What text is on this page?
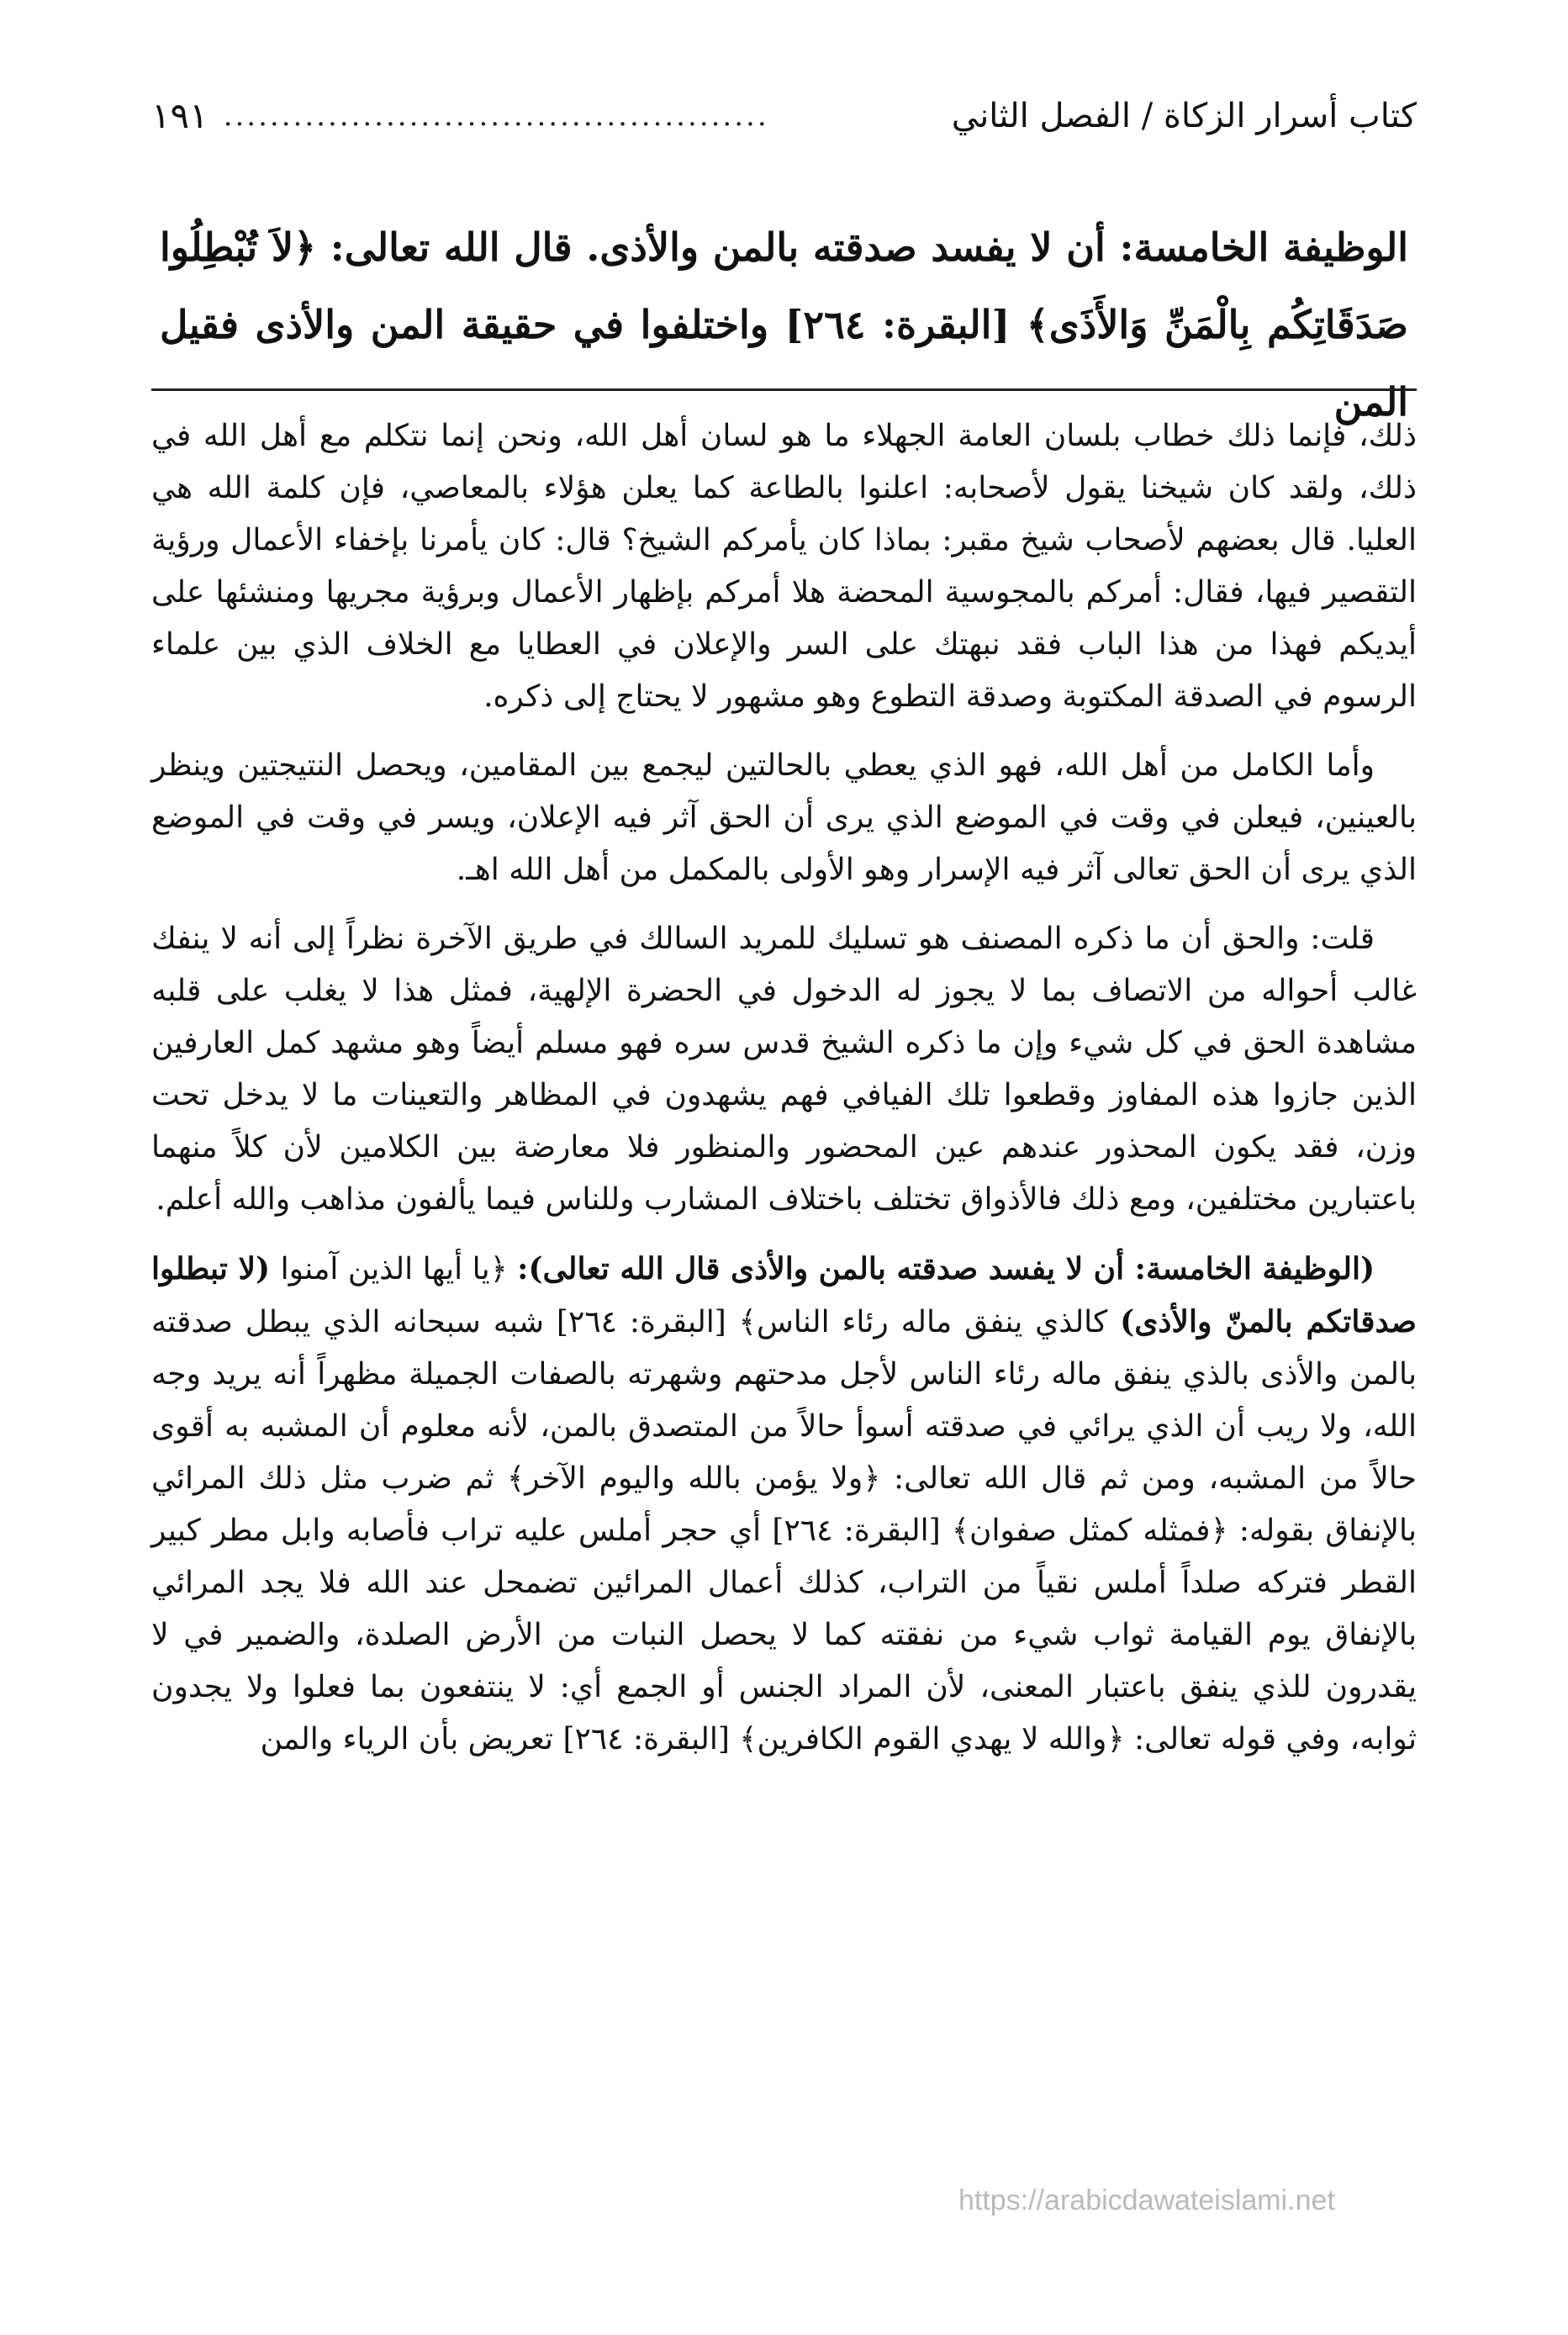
كتاب أسرار الزكاة / الفصل الثاني
...............................................
١٩١

الوظيفة الخامسة: أن لا يفسد صدقته بالمن والأذى. قال الله تعالى: ﴿لاَ تُبْطِلُوا صَدَقَاتِكُم بِالْمَنِّ وَالأَذَى﴾ [البقرة: ٢٦٤] واختلفوا في حقيقة المن والأذى فقيل المن

ذلك، فإنما ذلك خطاب بلسان العامة الجهلاء ما هو لسان أهل الله، ونحن إنما نتكلم مع أهل الله في ذلك، ولقد كان شيخنا يقول لأصحابه: اعلنوا بالطاعة كما يعلن هؤلاء بالمعاصي، فإن كلمة الله هي العليا. قال بعضهم لأصحاب شيخ مقبر: بماذا كان يأمركم الشيخ؟ قال: كان يأمرنا بإخفاء الأعمال ورؤية التقصير فيها، فقال: أمركم بالمجوسية المحضة هلا أمركم بإظهار الأعمال وبرؤية مجريها ومنشئها على أيديكم فهذا من هذا الباب فقد نبهتك على السر والإعلان في العطايا مع الخلاف الذي بين علماء الرسوم في الصدقة المكتوبة وصدقة التطوع وهو مشهور لا يحتاج إلى ذكره.

وأما الكامل من أهل الله، فهو الذي يعطي بالحالتين ليجمع بين المقامين، ويحصل النتيجتين وينظر بالعينين، فيعلن في وقت في الموضع الذي يرى أن الحق آثر فيه الإعلان، ويسر في وقت في الموضع الذي يرى أن الحق تعالى آثر فيه الإسرار وهو الأولى بالمكمل من أهل الله اهـ.

قلت: والحق أن ما ذكره المصنف هو تسليك للمريد السالك في طريق الآخرة نظراً إلى أنه لا ينفك غالب أحواله من الاتصاف بما لا يجوز له الدخول في الحضرة الإلهية، فمثل هذا لا يغلب على قلبه مشاهدة الحق في كل شيء وإن ما ذكره الشيخ قدس سره فهو مسلم أيضاً وهو مشهد كمل العارفين الذين جازوا هذه المفاوز وقطعوا تلك الفيافي فهم يشهدون في المظاهر والتعينات ما لا يدخل تحت وزن، فقد يكون المحذور عندهم عين المحضور والمنظور فلا معارضة بين الكلامين لأن كلاً منهما باعتبارين مختلفين، ومع ذلك فالأذواق تختلف باختلاف المشارب وللناس فيما يألفون مذاهب والله أعلم.

(الوظيفة الخامسة: أن لا يفسد صدقته بالمن والأذى قال الله تعالى): ﴿يا أيها الذين آمنوا (لا تبطلوا صدقاتكم بالمنّ والأذى) كالذي ينفق ماله رئاء الناس﴾ [البقرة: ٢٦٤] شبه سبحانه الذي يبطل صدقته بالمن والأذى بالذي ينفق ماله رئاء الناس لأجل مدحتهم وشهرته بالصفات الجميلة مظهراً أنه يريد وجه الله، ولا ريب أن الذي يرائي في صدقته أسوأ حالاً من المتصدق بالمن، لأنه معلوم أن المشبه به أقوى حالاً من المشبه، ومن ثم قال الله تعالى: ﴿ولا يؤمن بالله واليوم الآخر﴾ ثم ضرب مثل ذلك المرائي بالإنفاق بقوله: ﴿فمثله كمثل صفوان﴾ [البقرة: ٢٦٤] أي حجر أملس عليه تراب فأصابه وابل مطر كبير القطر فتركه صلداً أملس نقياً من التراب، كذلك أعمال المرائين تضمحل عند الله فلا يجد المرائي بالإنفاق يوم القيامة ثواب شيء من نفقته كما لا يحصل النبات من الأرض الصلدة، والضمير في لا يقدرون للذي ينفق باعتبار المعنى، لأن المراد الجنس أو الجمع أي: لا ينتفعون بما فعلوا ولا يجدون ثوابه، وفي قوله تعالى: ﴿والله لا يهدي القوم الكافرين﴾ [البقرة: ٢٦٤] تعريض بأن الرياء والمن

https://arabicdawateislami.net
